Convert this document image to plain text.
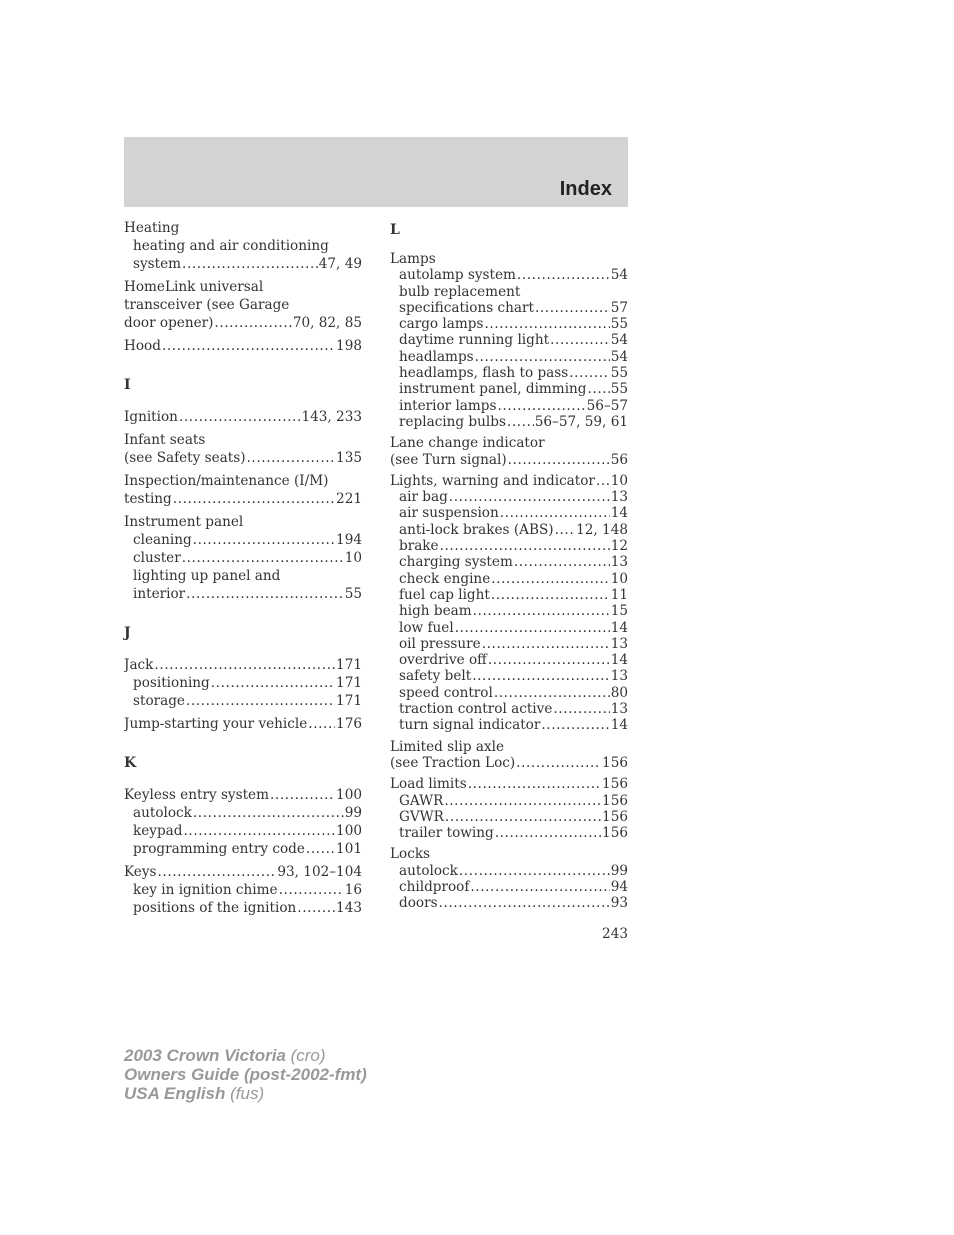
Index
Heating
heating and air conditioning
system .....	47, 49
HomeLink universal
transceiver (see Garage
door opener) .....	70, 82, 85
Hood .....	198
I
Ignition .....	143, 233
Infant seats
(see Safety seats) .....	135
Inspection/maintenance (I/M)
testing .....	221
Instrument panel
cleaning .....	194
cluster .....	10
lighting up panel and
interior .....	55
J
Jack .....	171
positioning .....	171
storage .....	171
Jump-starting your vehicle ..... 176
K
Keyless entry system .....	100
autolock .....	99
keypad .....	100
programming entry code ..... 101
Keys .....	93, 102–104
key in ignition chime .....	16
positions of the ignition .....	143
L
Lamps
autolamp system .....	54
bulb replacement
specifications chart .....	57
cargo lamps .....	55
daytime running light .....	54
headlamps .....	54
headlamps, flash to pass .....	55
instrument panel, dimming ..... 55
interior lamps .....	56–57
replacing bulbs ..... 56–57, 59, 61
Lane change indicator
(see Turn signal) .....	56
Lights, warning and indicator ..... 10
air bag .....	13
air suspension .....	14
anti-lock brakes (ABS) ..... 12, 148
brake .....	12
charging system .....	13
check engine .....	10
fuel cap light .....	11
high beam .....	15
low fuel .....	14
oil pressure .....	13
overdrive off .....	14
safety belt .....	13
speed control .....	80
traction control active .....	13
turn signal indicator .....	14
Limited slip axle
(see Traction Loc) .....	156
Load limits .....	156
GAWR .....	156
GVWR .....	156
trailer towing .....	156
Locks
autolock .....	99
childproof .....	94
doors .....	93
243
2003 Crown Victoria (cro)
Owners Guide (post-2002-fmt)
USA English (fus)
